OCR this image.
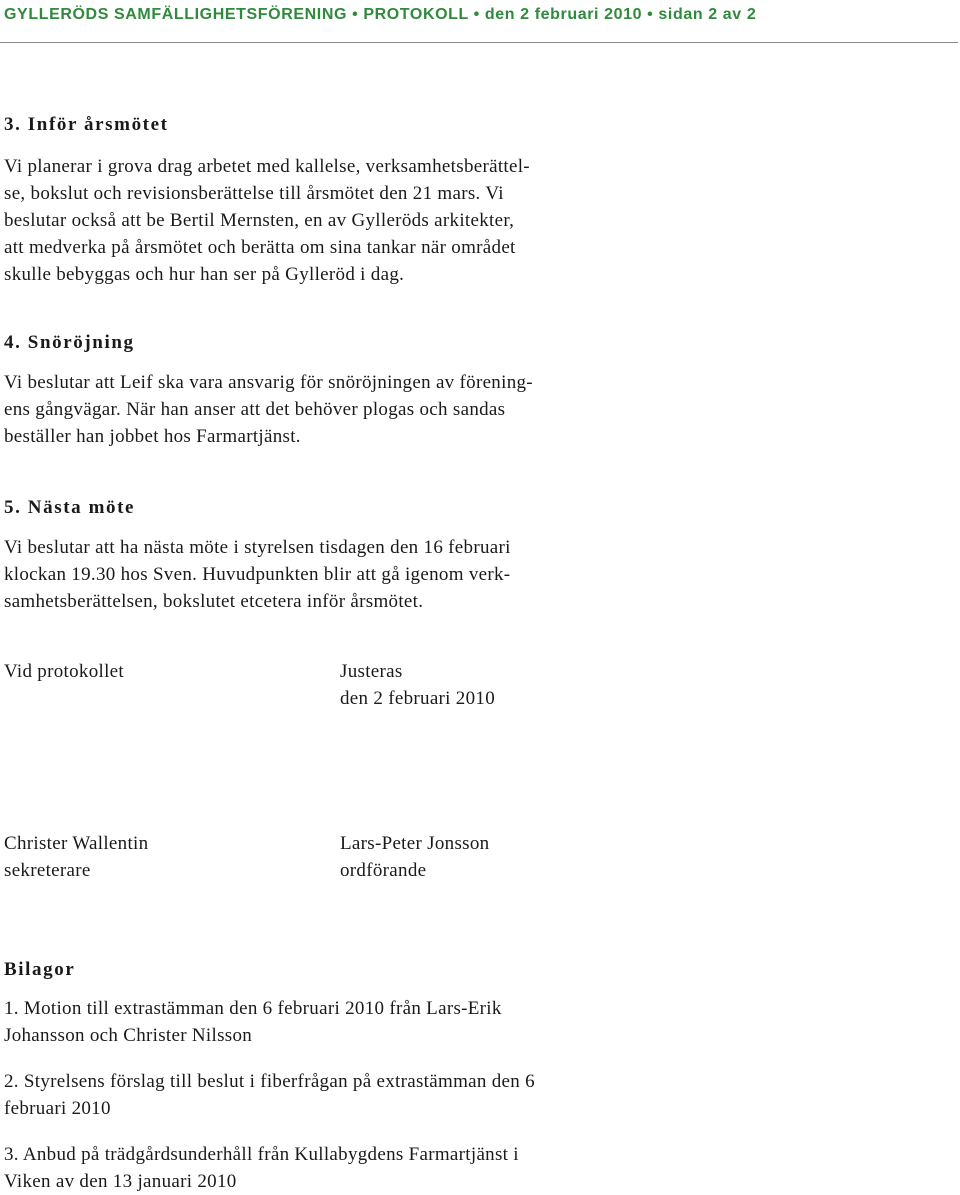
GYLLERÖDS SAMFÄLLIGHETSFÖRENING • PROTOKOLL • den 2 februari 2010 • sidan 2 av 2
3. Inför årsmötet
Vi planerar i grova drag arbetet med kallelse, verksamhetsberättel-
se, bokslut och revisionsberättelse till årsmötet den 21 mars. Vi
beslutar också att be Bertil Mernsten, en av Gylleröds arkitekter,
att medverka på årsmötet och berätta om sina tankar när området
skulle bebyggas och hur han ser på Gylleröd i dag.
4. Snöröjning
Vi beslutar att Leif ska vara ansvarig för snöröjningen av förening-
ens gångvägar. När han anser att det behöver plogas och sandas
beställer han jobbet hos Farmartjänst.
5. Nästa möte
Vi beslutar att ha nästa möte i styrelsen tisdagen den 16 februari
klockan 19.30 hos Sven. Huvudpunkten blir att gå igenom verk-
samhetsberättelsen, bokslutet etcetera inför årsmötet.
Vid protokollet	Justeras
den 2 februari 2010
Christer Wallentin
sekreterare
Lars-Peter Jonsson
ordförande
Bilagor
1. Motion till extrastämman den 6 februari 2010 från Lars-Erik
Johansson och Christer Nilsson
2. Styrelsens förslag till beslut i fiberfrågan på extrastämman den 6
februari 2010
3. Anbud på trädgårdsunderhåll från Kullabygdens Farmartjänst i
Viken av den 13 januari 2010
